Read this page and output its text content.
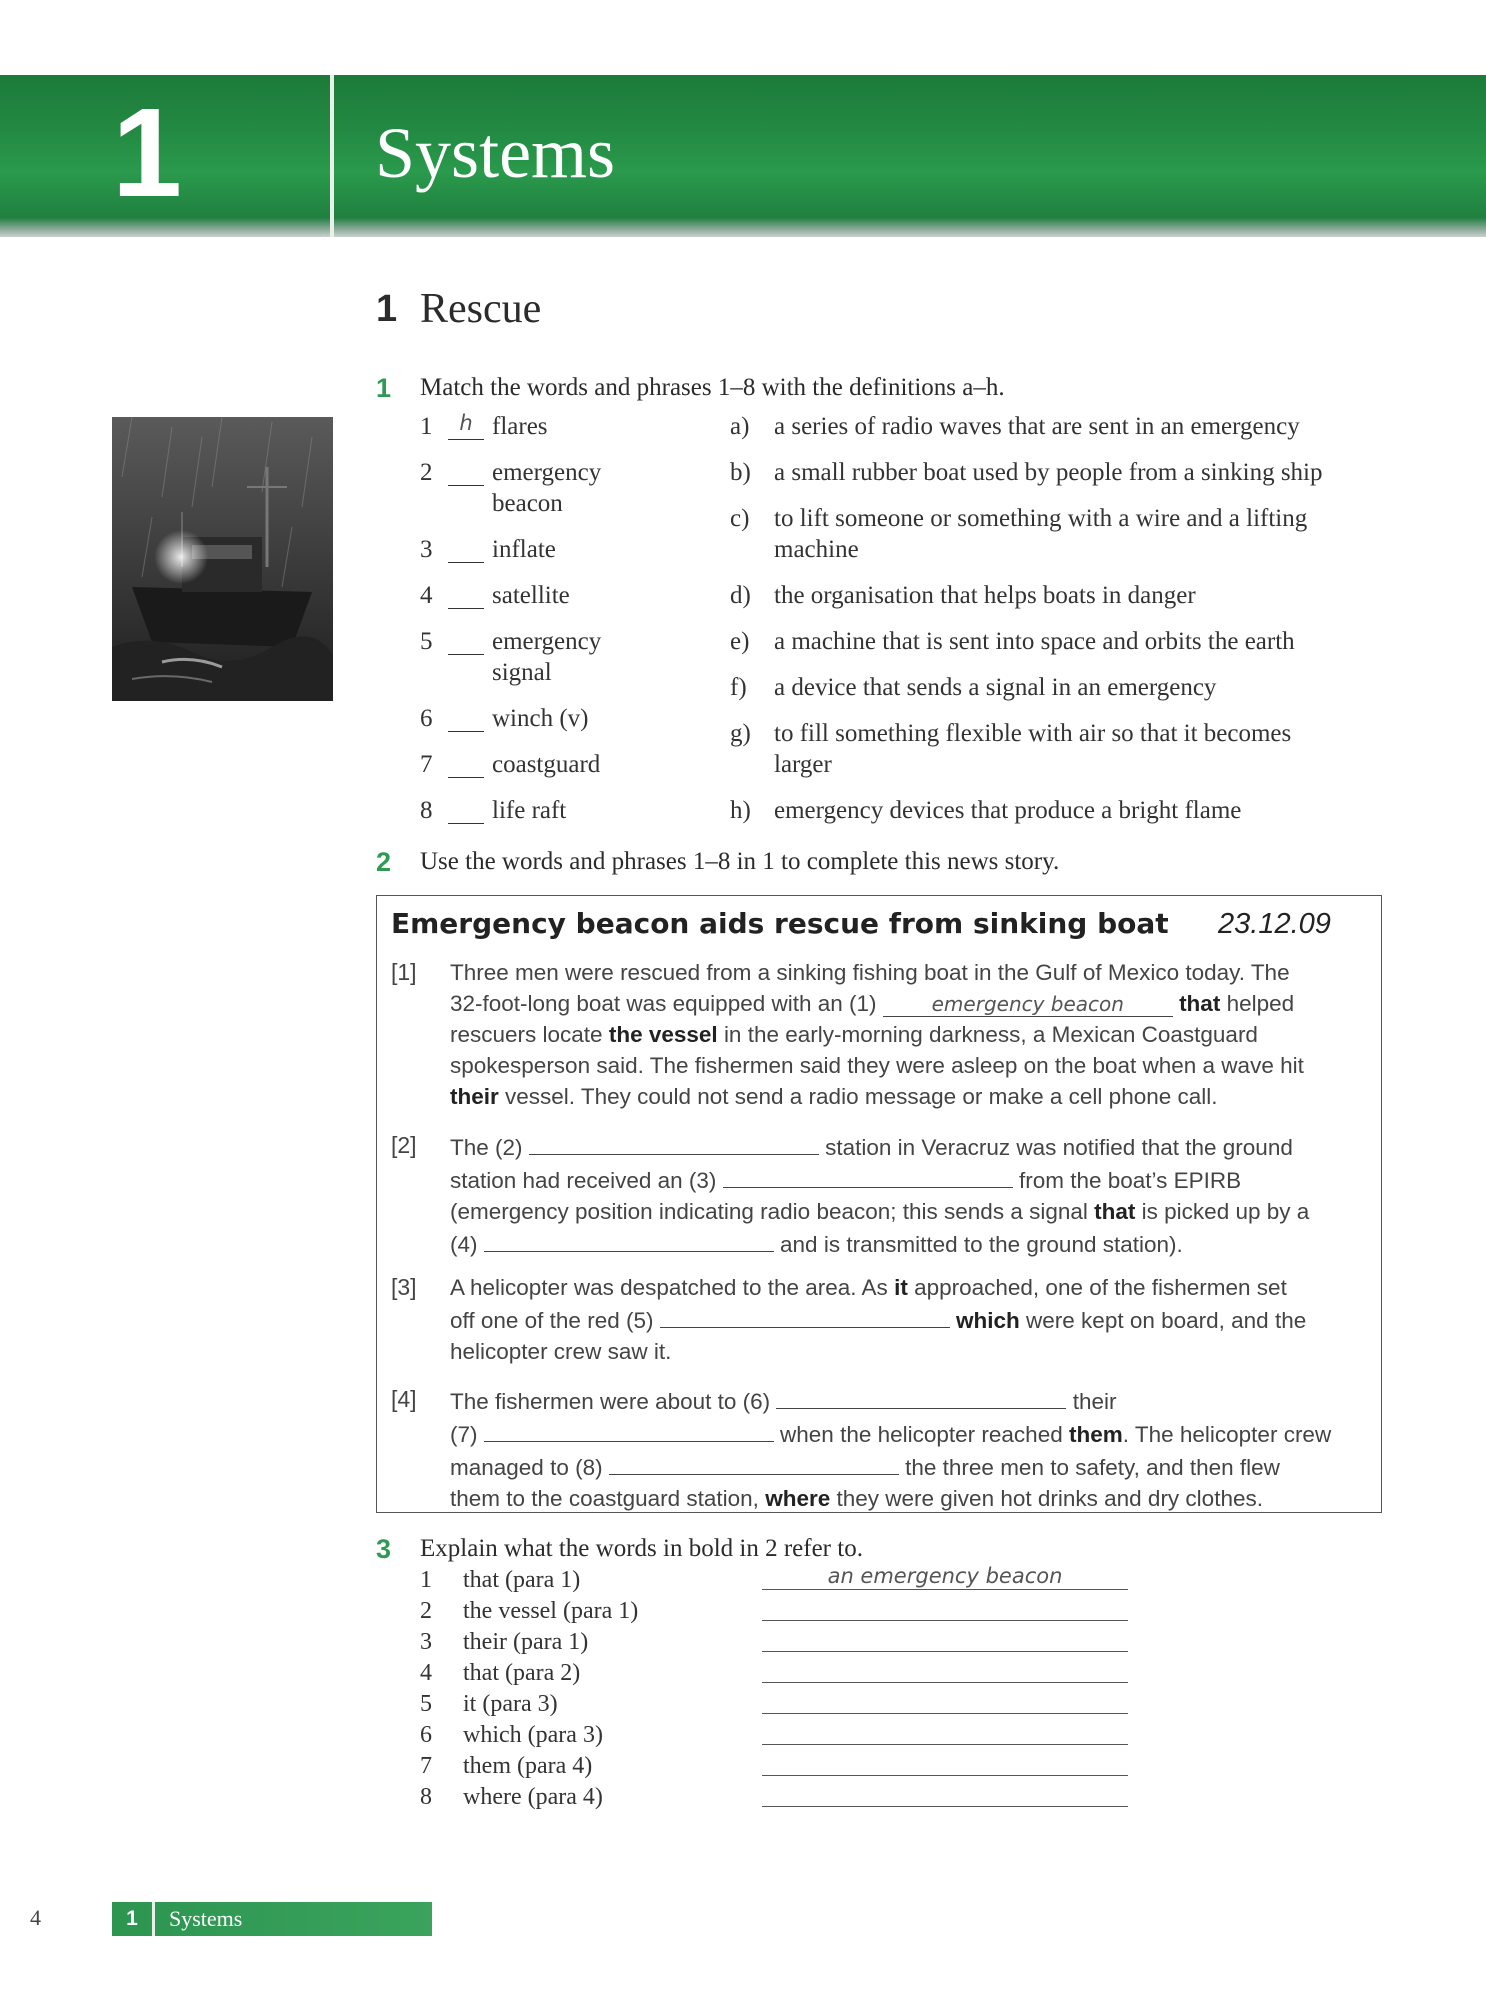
1	Systems
1 Rescue
1 Match the words and phrases 1–8 with the definitions a–h.
1	h flares
2 emergency
beacon
3 inflate
4 satellite
5 emergency
signal
6 winch (v)
7 coastguard
8 life raft
a) a series of radio waves that are sent in an emergency
b) a small rubber boat used by people from a sinking ship
c) to lift someone or something with a wire and a lifting
machine
d) the organisation that helps boats in danger
e) a machine that is sent into space and orbits the earth
f) a device that sends a signal in an emergency
g) to fill something flexible with air so that it becomes
larger
h) emergency devices that produce a bright flame
2 Use the words and phrases 1–8 in 1 to complete this news story.
Emergency beacon aids rescue from sinking boat 23.12.09
[1] Three men were rescued from a sinking fishing boat in the Gulf of Mexico today. The
32-foot-long boat was equipped with an (1)	emergency beacon that helped
rescuers locate the vessel in the early-morning darkness, a Mexican Coastguard
spokesperson said. The fishermen said they were asleep on the boat when a wave hit
their vessel. They could not send a radio message or make a cell phone call.
[2] The (2)	station in Veracruz was notified that the ground
station had received an (3)	from the boat’s EPIRB
(emergency position indicating radio beacon; this sends a signal that is picked up by a
(4)	and is transmitted to the ground station).
[3] A helicopter was despatched to the area. As it approached, one of the fishermen set
off one of the red (5)	which were kept on board, and the
helicopter crew saw it.
[4] The fishermen were about to (6)	their
(7)	when the helicopter reached them. The helicopter crew
managed to (8)	the three men to safety, and then flew
them to the coastguard station, where they were given hot drinks and dry clothes.
3 Explain what the words in bold in 2 refer to.
1 that (para 1)	an emergency beacon
2 the vessel (para 1)
3 their (para 1)
4 that (para 2)
5 it (para 3)
6 which (para 3)
7 them (para 4)
8 where (para 4)
4	1 Systems
